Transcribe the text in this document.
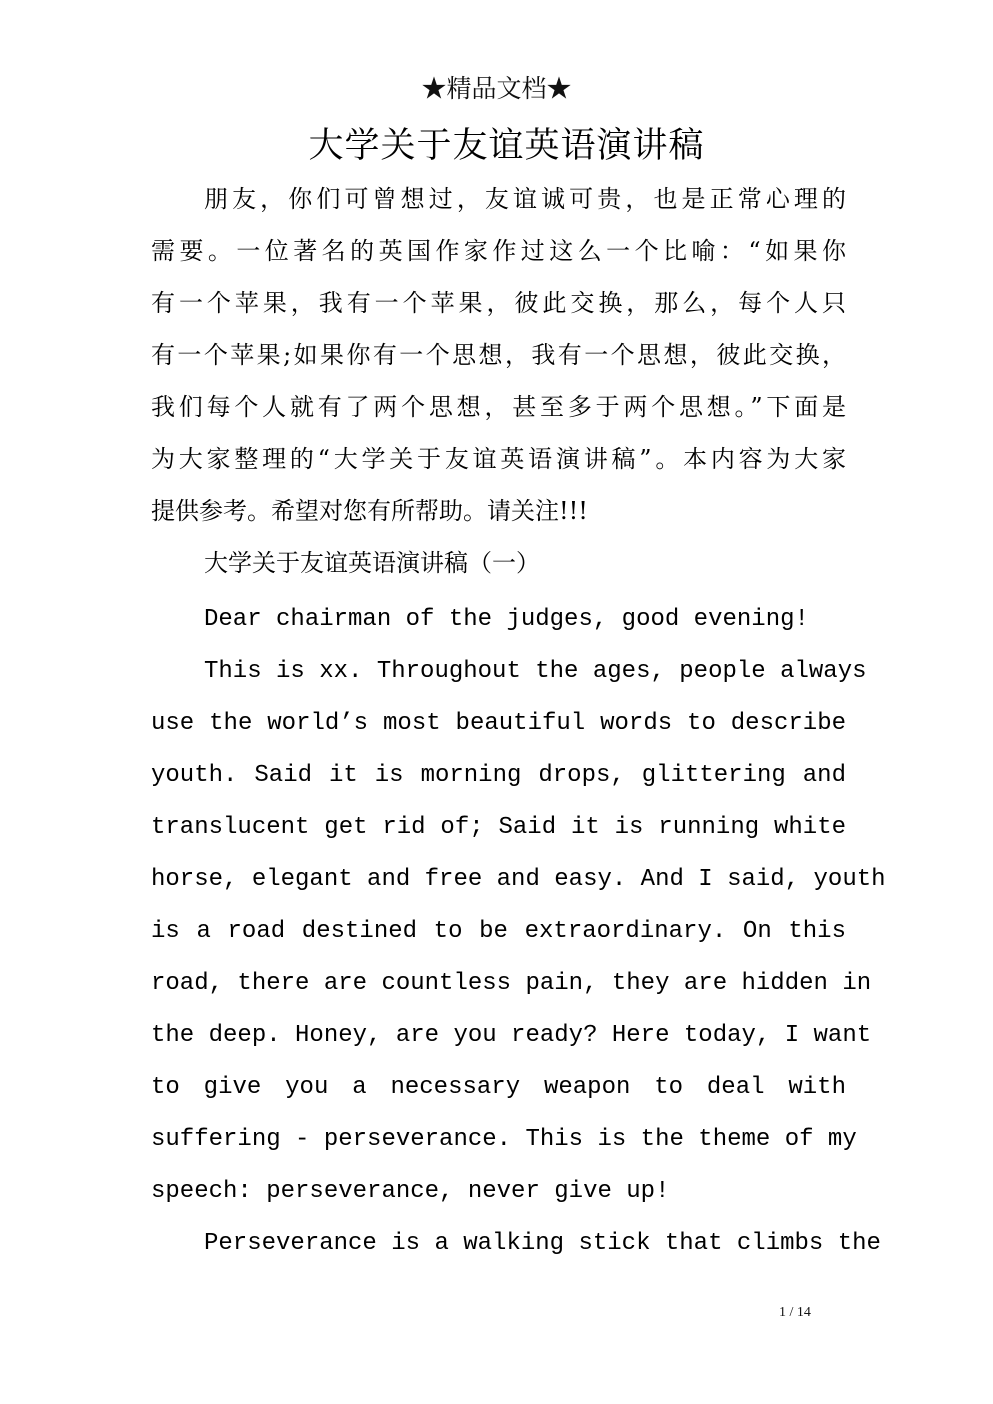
★精品文档★
大学关于友谊英语演讲稿
朋友，你们可曾想过，友谊诚可贵，也是正常心理的
需要。一位著名的英国作家作过这么一个比喻：“如果你
有一个苹果，我有一个苹果，彼此交换，那么，每个人只
有一个苹果;如果你有一个思想，我有一个思想，彼此交换，
我们每个人就有了两个思想，甚至多于两个思想。”下面是
为大家整理的“大学关于友谊英语演讲稿”。本内容为大家
提供参考。希望对您有所帮助。请关注!!!
大学关于友谊英语演讲稿（一）
Dear chairman of the judges, good evening!
This is xx. Throughout the ages, people always
use the world’s most beautiful words to describe
youth. Said it is morning drops, glittering and
translucent get rid of; Said it is running white
horse, elegant and free and easy. And I said, youth
is a road destined to be extraordinary. On this
road, there are countless pain, they are hidden in
the deep. Honey, are you ready? Here today, I want
to give you a necessary weapon to deal with
suffering - perseverance. This is the theme of my
speech: perseverance, never give up!
Perseverance is a walking stick that climbs the
1 / 14
